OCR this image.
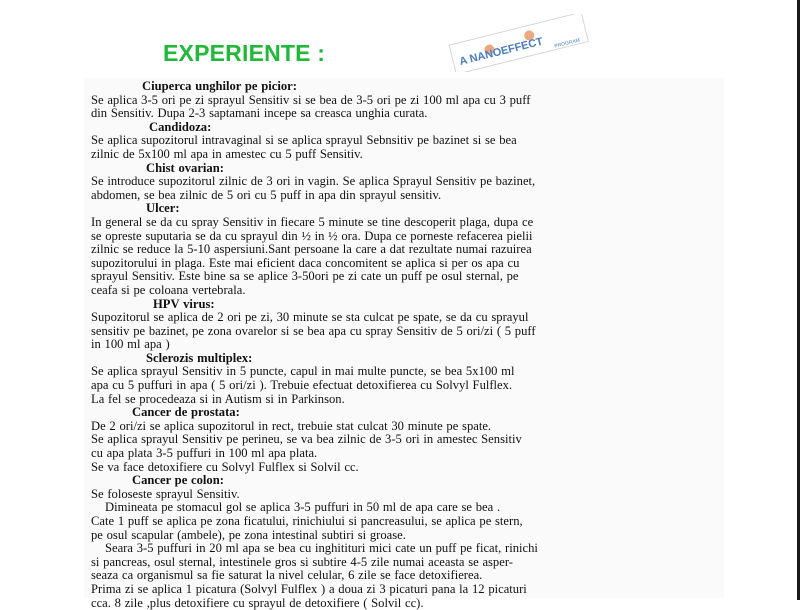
EXPERIENTE :	A NANOEFFECT PROGRAM
Ciuperca unghilor pe picior:
Se aplica 3-5 ori pe zi sprayul Sensitiv si se bea de 3-5 ori pe zi 100 ml apa cu 3 puff
din Sensitiv. Dupa 2-3 saptamani incepe sa creasca unghia curata.
Candidoza:
Se aplica supozitorul intravaginal si se aplica sprayul Sebnsitiv pe bazinet si se bea
zilnic de 5x100 ml apa in amestec cu 5 puff Sensitiv.
Chist ovarian:
Se introduce supozitorul zilnic de 3 ori in vagin. Se aplica Sprayul Sensitiv pe bazinet,
abdomen, se bea zilnic de 5 ori cu 5 puff in apa din sprayul sensitiv.
Ulcer:
In general se da cu spray Sensitiv in fiecare 5 minute se tine descoperit plaga, dupa ce
se opreste suputaria se da cu sprayul din ½ in ½ ora. Dupa ce porneste refacerea pielii
zilnic se reduce la 5-10 aspersiuni.Sant persoane la care a dat rezultate numai razuirea
supozitorului in plaga. Este mai eficient daca concomitent se aplica si per os apa cu
sprayul Sensitiv. Este bine sa se aplice 3-50ori pe zi cate un puff pe osul sternal, pe
ceafa si pe coloana vertebrala.
HPV virus:
Supozitorul se aplica de 2 ori pe zi, 30 minute se sta culcat pe spate, se da cu sprayul
sensitiv pe bazinet, pe zona ovarelor si se bea apa cu spray Sensitiv de 5 ori/zi ( 5 puff
in 100 ml apa )
Sclerozis multiplex:
Se aplica sprayul Sensitiv in 5 puncte, capul in mai multe puncte, se bea 5x100 ml
apa cu 5 puffuri in apa ( 5 ori/zi ). Trebuie efectuat detoxifierea cu Solvyl Fulflex.
La fel se procedeaza si in Autism si in Parkinson.
Cancer de prostata:
De 2 ori/zi se aplica supozitorul in rect, trebuie stat culcat 30 minute pe spate.
Se aplica sprayul Sensitiv pe perineu, se va bea zilnic de 3-5 ori in amestec Sensitiv
cu apa plata 3-5 puffuri in 100 ml apa plata.
Se va face detoxifiere cu Solvyl Fulflex si Solvil cc.
Cancer pe colon:
Se foloseste sprayul Sensitiv.
Dimineata pe stomacul gol se aplica 3-5 puffuri in 50 ml de apa care se bea .
Cate 1 puff se aplica pe zona ficatului, rinichiului si pancreasului, se aplica pe stern,
pe osul scapular (ambele), pe zona intestinal subtiri si groase.
Seara 3-5 puffuri in 20 ml apa se bea cu inghitituri mici cate un puff pe ficat, rinichi
si pancreas, osul sternal, intestinele gros si subtire 4-5 zile numai aceasta se asper-
seaza ca organismul sa fie saturat la nivel celular, 6 zile se face detoxifierea.
Prima zi se aplica 1 picatura (Solvyl Fulflex ) a doua zi 3 picaturi pana la 12 picaturi
cca. 8 zile ,plus detoxifiere cu sprayul de detoxifiere ( Solvil cc).
